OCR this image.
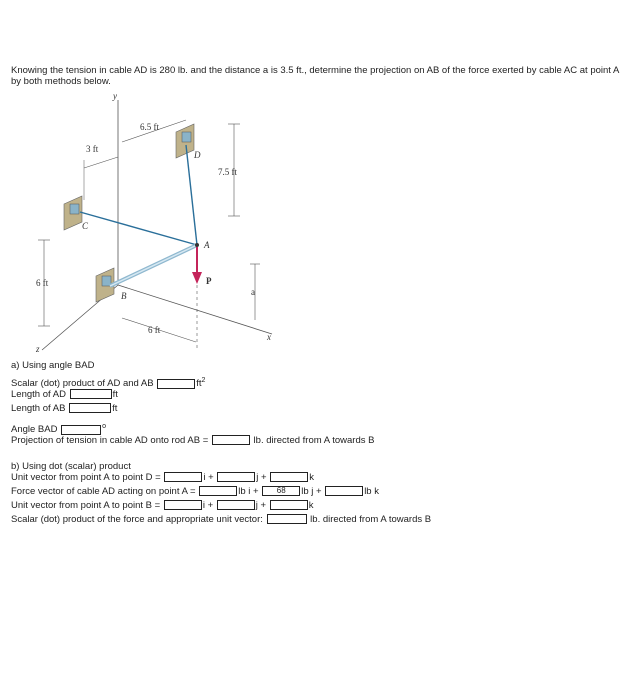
Knowing the tension in cable AD is 280 lb. and the distance a is 3.5 ft., determine the projection on AB of the force exerted by cable AC at point A by both methods below.
y
x
z
D
C
B
A
P
6.5 ft
3 ft
7.5 ft
a
6 ft
6 ft
a) Using angle BAD
Scalar (dot) product of AD and AB	$ft^2$
Length of AD	ft
Length of AB	ft
Angle BAD	$^o$
Projection of tension in cable AD onto rod AB =	lb. directed from A towards B
b) Using dot (scalar) product
Unit vector from point A to point D =	i +	j +	k
Force vector of cable AD acting on point A =	lb i + 68 lb j +	lb k
Unit vector from point A to point B =	i +	j +	k
Scalar (dot) product of the force and appropriate unit vector:	lb. directed from A towards B
